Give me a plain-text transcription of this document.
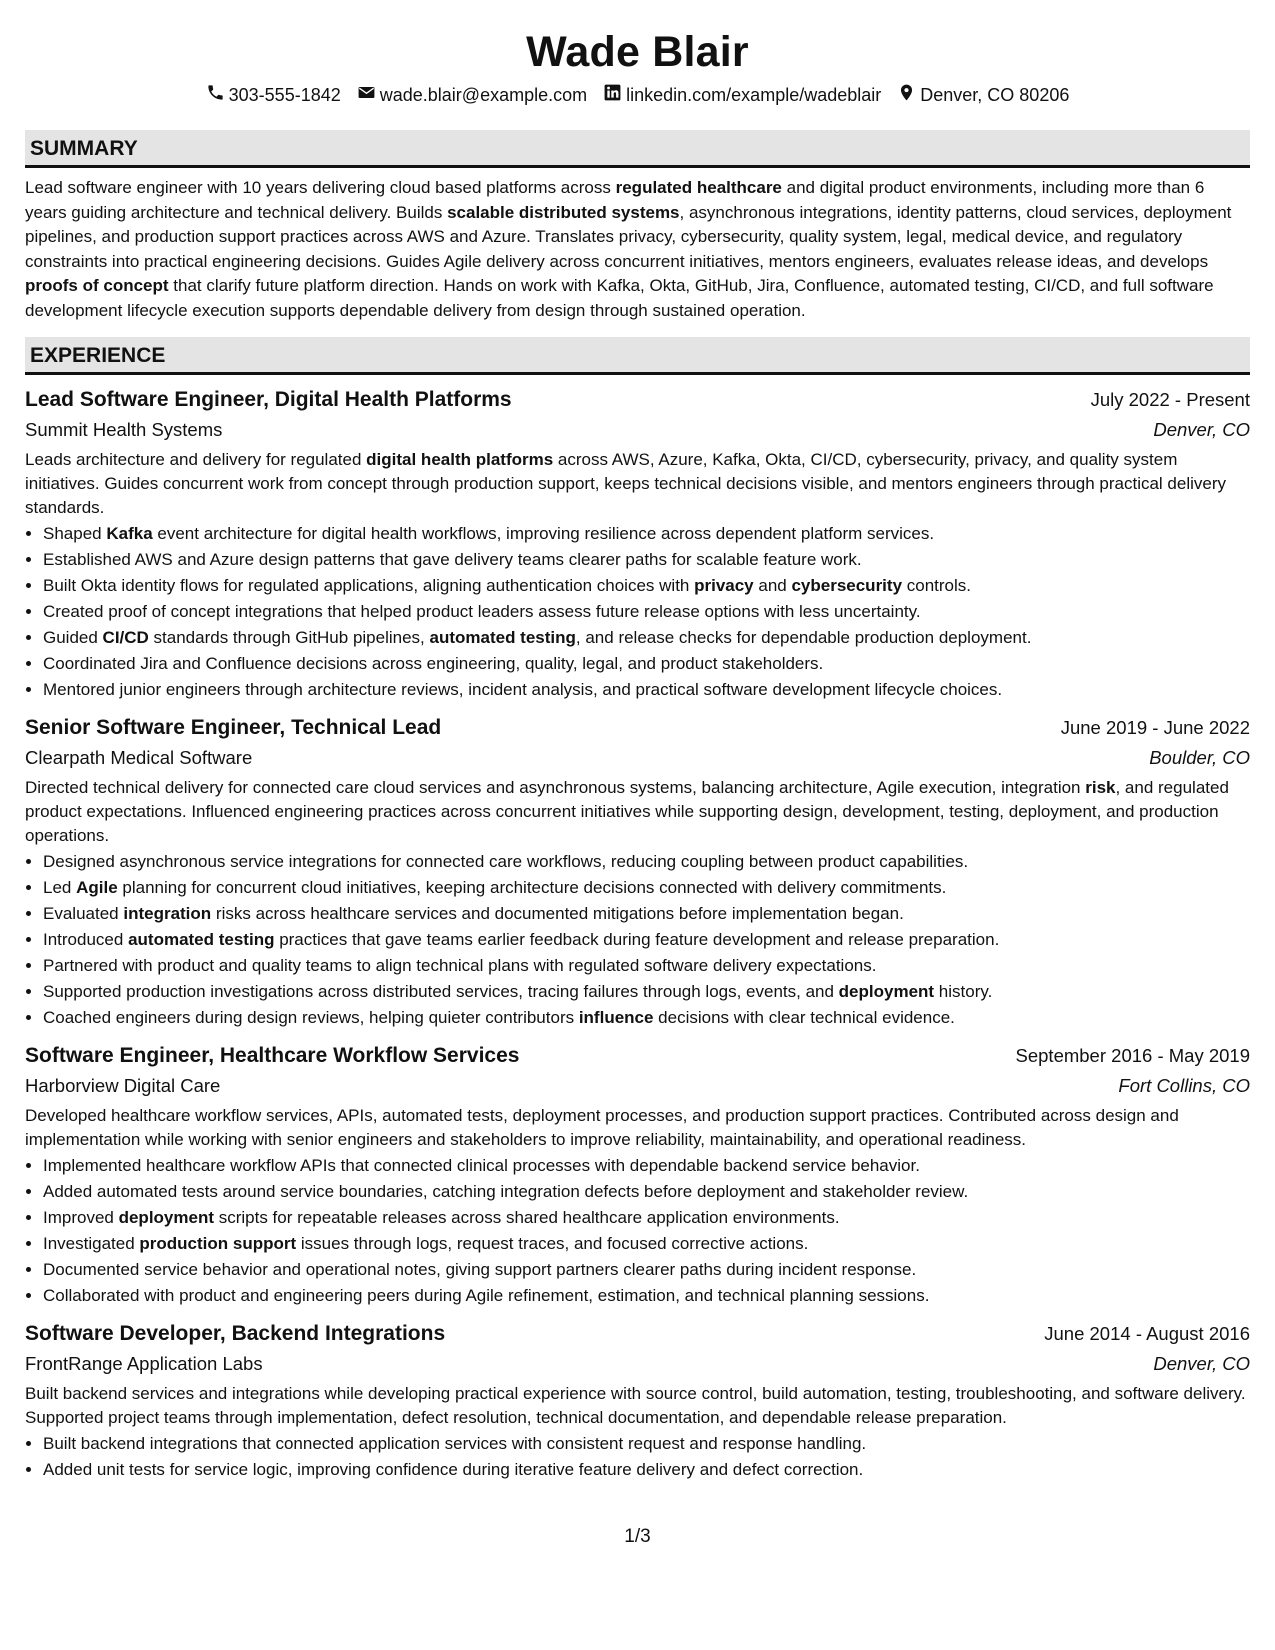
Wade Blair
303-555-1842 wade.blair@example.com linkedin.com/example/wadeblair Denver, CO 80206
SUMMARY
Lead software engineer with 10 years delivering cloud based platforms across regulated healthcare and digital product environments, including more than 6 years guiding architecture and technical delivery. Builds scalable distributed systems, asynchronous integrations, identity patterns, cloud services, deployment pipelines, and production support practices across AWS and Azure. Translates privacy, cybersecurity, quality system, legal, medical device, and regulatory constraints into practical engineering decisions. Guides Agile delivery across concurrent initiatives, mentors engineers, evaluates release ideas, and develops proofs of concept that clarify future platform direction. Hands on work with Kafka, Okta, GitHub, Jira, Confluence, automated testing, CI/CD, and full software development lifecycle execution supports dependable delivery from design through sustained operation.
EXPERIENCE
Lead Software Engineer, Digital Health Platforms	July 2022 - Present
Summit Health Systems	Denver, CO
Leads architecture and delivery for regulated digital health platforms across AWS, Azure, Kafka, Okta, CI/CD, cybersecurity, privacy, and quality system initiatives. Guides concurrent work from concept through production support, keeps technical decisions visible, and mentors engineers through practical delivery standards.
• Shaped Kafka event architecture for digital health workflows, improving resilience across dependent platform services.
• Established AWS and Azure design patterns that gave delivery teams clearer paths for scalable feature work.
• Built Okta identity flows for regulated applications, aligning authentication choices with privacy and cybersecurity controls.
• Created proof of concept integrations that helped product leaders assess future release options with less uncertainty.
• Guided CI/CD standards through GitHub pipelines, automated testing, and release checks for dependable production deployment.
• Coordinated Jira and Confluence decisions across engineering, quality, legal, and product stakeholders.
• Mentored junior engineers through architecture reviews, incident analysis, and practical software development lifecycle choices.
Senior Software Engineer, Technical Lead	June 2019 - June 2022
Clearpath Medical Software	Boulder, CO
Directed technical delivery for connected care cloud services and asynchronous systems, balancing architecture, Agile execution, integration risk, and regulated product expectations. Influenced engineering practices across concurrent initiatives while supporting design, development, testing, deployment, and production operations.
• Designed asynchronous service integrations for connected care workflows, reducing coupling between product capabilities.
• Led Agile planning for concurrent cloud initiatives, keeping architecture decisions connected with delivery commitments.
• Evaluated integration risks across healthcare services and documented mitigations before implementation began.
• Introduced automated testing practices that gave teams earlier feedback during feature development and release preparation.
• Partnered with product and quality teams to align technical plans with regulated software delivery expectations.
• Supported production investigations across distributed services, tracing failures through logs, events, and deployment history.
• Coached engineers during design reviews, helping quieter contributors influence decisions with clear technical evidence.
Software Engineer, Healthcare Workflow Services	September 2016 - May 2019
Harborview Digital Care	Fort Collins, CO
Developed healthcare workflow services, APIs, automated tests, deployment processes, and production support practices. Contributed across design and implementation while working with senior engineers and stakeholders to improve reliability, maintainability, and operational readiness.
• Implemented healthcare workflow APIs that connected clinical processes with dependable backend service behavior.
• Added automated tests around service boundaries, catching integration defects before deployment and stakeholder review.
• Improved deployment scripts for repeatable releases across shared healthcare application environments.
• Investigated production support issues through logs, request traces, and focused corrective actions.
• Documented service behavior and operational notes, giving support partners clearer paths during incident response.
• Collaborated with product and engineering peers during Agile refinement, estimation, and technical planning sessions.
Software Developer, Backend Integrations	June 2014 - August 2016
FrontRange Application Labs	Denver, CO
Built backend services and integrations while developing practical experience with source control, build automation, testing, troubleshooting, and software delivery. Supported project teams through implementation, defect resolution, technical documentation, and dependable release preparation.
• Built backend integrations that connected application services with consistent request and response handling.
• Added unit tests for service logic, improving confidence during iterative feature delivery and defect correction.
1/3
